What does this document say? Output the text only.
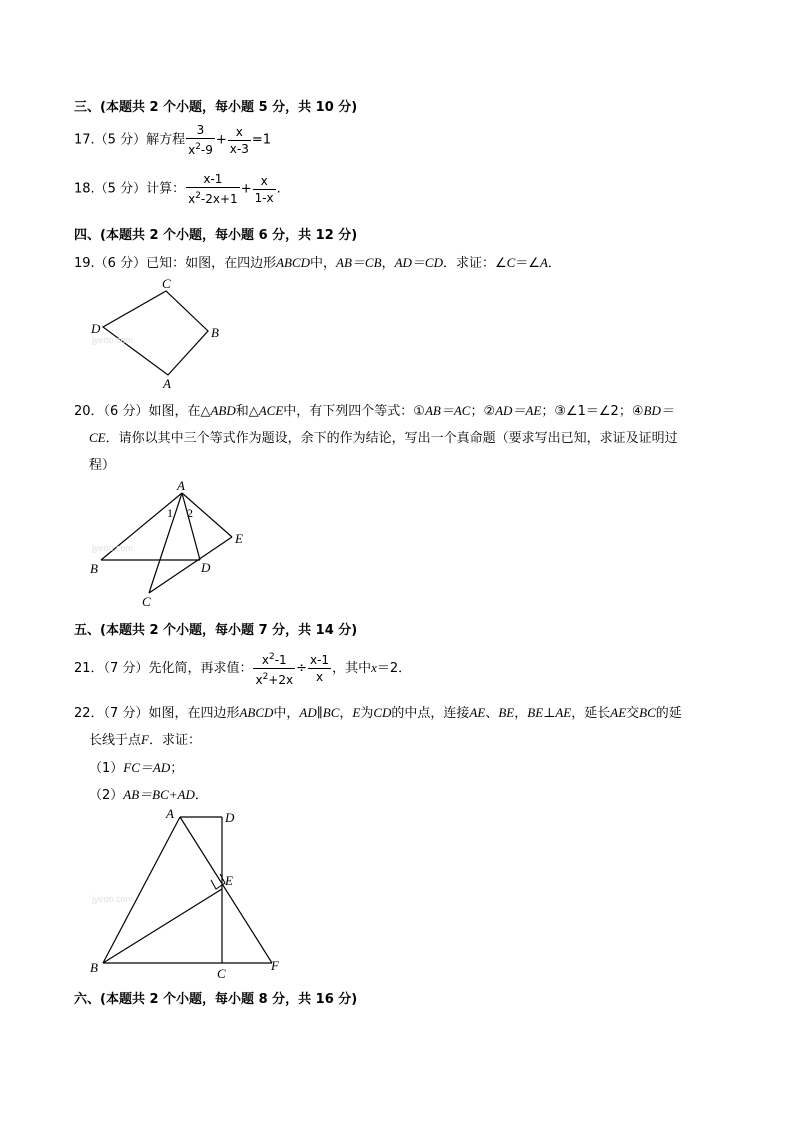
三、(本题共 2 个小题，每小题 5 分，共 10 分)
17.（5 分）解方程 $\frac{3}{x^2-9} + \frac{x}{x-3} =1$
18.（5 分）计算： $\frac{x-1}{x^2-2x+1} + \frac{x}{1-x}$ .
四、(本题共 2 个小题，每小题 6 分，共 12 分)
19.（6 分）已知：如图，在四边形ABCD中，AB＝CB，AD＝CD．求证：∠C＝∠A．
C
D	B
A
jyeoo.com
20．（6 分）如图，在△ABD和△ACE中，有下列四个等式：①AB＝AC；②AD＝AE；③∠1＝∠2；④BD＝
CE．请你以其中三个等式作为题设，余下的作为结论，写出一个真命题（要求写出已知，求证及证明过
程）
A
B	D
E
C
1 2
jyeoo.com
五、(本题共 2 个小题，每小题 7 分，共 14 分)
21．（7 分）先化简，再求值： $\frac{x^2-1}{x^2+2x} \div \frac{x-1}{x}$ ，其中x＝2．
22．（7 分）如图，在四边形ABCD中，AD∥BC，E为CD的中点，连接AE、BE，BE⊥AE，延长AE交BC的延
长线于点F．求证：
（1）FC＝AD；
（2）AB＝BC+AD．
A	D
E
B	C
F
jyeoo.com
六、(本题共 2 个小题，每小题 8 分，共 16 分)
